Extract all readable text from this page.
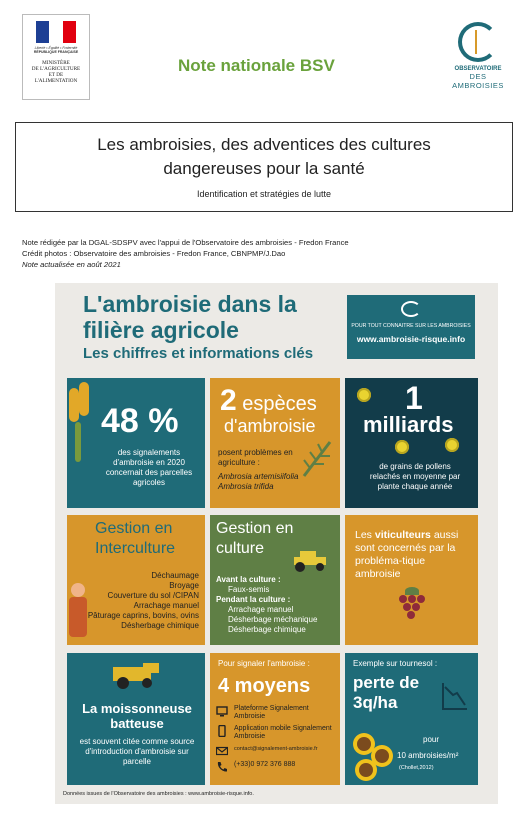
Liberté • Égalité • Fraternité
RÉPUBLIQUE FRANÇAISE
MINISTÈRE
DE L'AGRICULTURE
ET DE
L'ALIMENTATION
Note nationale BSV	OBSERVATOIRE
DES AMBROISIES
Les ambroisies, des adventices des cultures
dangereuses pour la santé
Identification et stratégies de lutte
Note rédigée par la DGAL-SDSPV avec l'appui de l'Observatoire des ambroisies - Fredon France
Crédit photos : Observatoire des ambroisies - Fredon France, CBNPMP/J.Dao
Note actualisée en août 2021
L'ambroisie dans la filière agricole
Les chiffres et informations clés
POUR TOUT CONNAITRE SUR LES AMBROISIES
www.ambroisie-risque.info
48 %
des signalements d'ambroisie en 2020 concernait des parcelles agricoles
2 espèces
d'ambroisie
posent problèmes en agriculture :
Ambrosia artemisiifolia
Ambrosia trifida
1
milliards
de grains de pollens relachés en moyenne par plante chaque année
Gestion en Interculture
Déchaumage
Broyage
Couverture du sol /CIPAN
Arrachage manuel
Pâturage caprins, bovins, ovins
Désherbage chimique
Gestion en culture
Avant la culture :
Faux-semis
Pendant la culture :
Arrachage manuel
Désherbage méchanique
Désherbage chimique
Les viticulteurs aussi sont concernés par la probléma-tique ambroisie
La moissonneuse batteuse
est souvent citée comme source d'introduction d'ambroisie sur parcelle
Pour signaler l'ambroisie :
4 moyens
Plateforme Signalement Ambroisie
Application mobile Signalement Ambroisie
contact@signalement-ambroisie.fr
(+33)0 972 376 888
Exemple sur tournesol :
perte de 3q/ha
pour
10 ambroisies/m²
(Chollet,2012)
Données issues de l'Observatoire des ambroisies : www.ambroisie-risque.info.
